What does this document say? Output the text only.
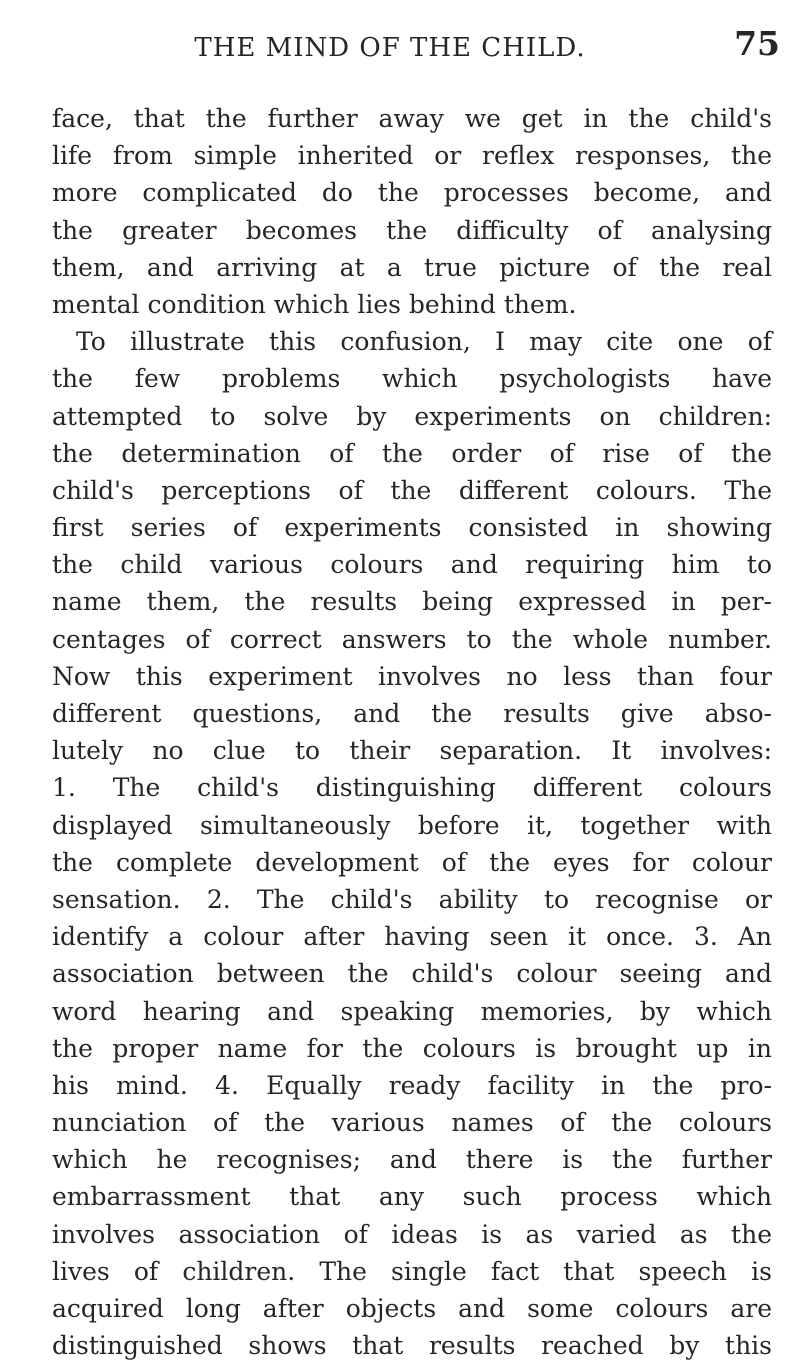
THE MIND OF THE CHILD.	75
face, that the further away we get in the child's
life from simple inherited or reflex responses, the
more complicated do the processes become, and
the greater becomes the difficulty of analysing
them, and arriving at a true picture of the real
mental condition which lies behind them.
To illustrate this confusion, I may cite one of
the few problems which psychologists have
attempted to solve by experiments on children:
the determination of the order of rise of the
child's perceptions of the different colours. The
first series of experiments consisted in showing
the child various colours and requiring him to
name them, the results being expressed in per-
centages of correct answers to the whole number.
Now this experiment involves no less than four
different questions, and the results give abso-
lutely no clue to their separation. It involves:
1. The child's distinguishing different colours
displayed simultaneously before it, together with
the complete development of the eyes for colour
sensation. 2. The child's ability to recognise or
identify a colour after having seen it once. 3. An
association between the child's colour seeing and
word hearing and speaking memories, by which
the proper name for the colours is brought up in
his mind. 4. Equally ready facility in the pro-
nunciation of the various names of the colours
which he recognises; and there is the further
embarrassment that any such process which
involves association of ideas is as varied as the
lives of children. The single fact that speech is
acquired long after objects and some colours are
distinguished shows that results reached by this
